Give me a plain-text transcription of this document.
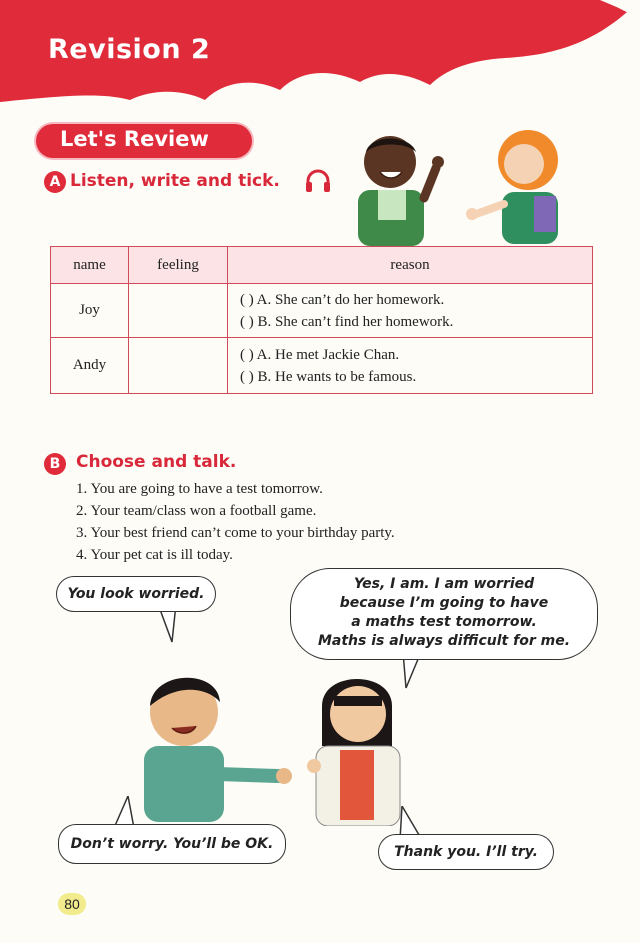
Revision 2
Let's Review
A Listen, write and tick.
name	feeling	reason
Joy		( ) A. She can’t do her homework.
( ) B. She can’t find her homework.

Andy		( ) A. He met Jackie Chan.
( ) B. He wants to be famous.
B Choose and talk.
1. You are going to have a test tomorrow.
2. Your team/class won a football game.
3. Your best friend can’t come to your birthday party.
4. Your pet cat is ill today.
You look worried.
Yes, I am. I am worried
because I’m going to have
a maths test tomorrow.
Maths is always difficult for me.
Don’t worry. You’ll be OK.	Thank you. I’ll try.
80
